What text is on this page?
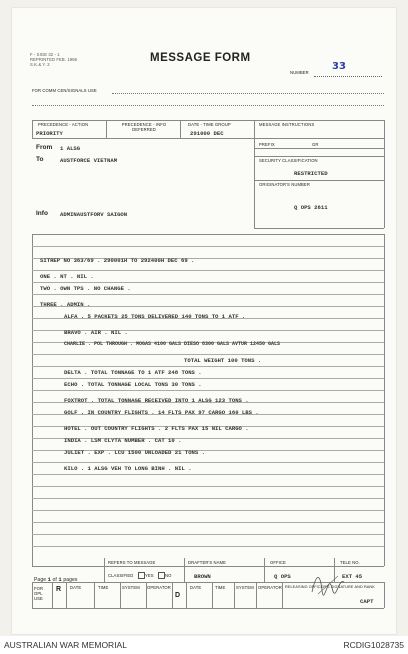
F - SIGE 32 - 1
REPRINTED FEB. 1966
S.K.& Y. 2
MESSAGE FORM
NUMBER
33
FOR COMM CEN/SIGNALS USE
PRECEDENCE - ACTION	PRECEDENCE - INFO DEFERRED
DATE - TIME GROUP	MESSAGE INSTRUCTIONS
PRIORITY	291000 DEC
PREFIX	GR
SECURITY CLASSIFICATION
RESTRICTED
ORIGINATOR'S NUMBER
Q OPS 2611
From 1 ALSG
To	AUSTFORCE VIETNAM
Info ADMINAUSTFORV SAIGON
SITREP NO 363/69 . 290001H TO 292400H DEC 69 .
ONE . NT . NIL .
TWO . OWN TPS . NO CHANGE .
THREE . ADMIN .
ALFA . 5 PACKETS 25 TONS DELIVERED 140 TONS TO 1 ATF .
BRAVO . AIR . NIL .
CHARLIE . POL THROUGH . MOGAS 4100 GALS DIESO 8300 GALS AVTUR 12450 GALS
TOTAL WEIGHT 100 TONS .
DELTA . TOTAL TONNAGE TO 1 ATF 248 TONS .
ECHO . TOTAL TONNAGE LOCAL TONS 30 TONS .
FOXTROT . TOTAL TONNAGE RECEIVED INTO 1 ALSG 123 TONS .
GOLF . IN COUNTRY FLIGHTS . 14 FLTS PAX 97 CARGO 160 LBS .
HOTEL . OUT COUNTRY FLIGHTS . 2 FLTS PAX 15 NIL CARGO .
INDIA . LSM CLYTA NUMBER . CAT 10 .
JULIET . EXP . LCU 1500 UNLOADED 21 TONS .
KILO . 1 ALSG VEH TO LONG BINH . NIL .
REFERS TO MESSAGE
CLASSIFIED	YES	NO
DRAFTER'S NAME
BROWN
OFFICE
Q OPS
TELE NO.
EXT 45
Page 1 of 1 pages
FOR OPL USE
R DATE	TIME	SYSTEM OPERATOR
D
DATE	TIME	SYSTEM OPERATOR RELEASING OFFICER'S SIGNATURE AND RANK
CAPT
AUSTRALIAN WAR MEMORIAL	RCDIG1028735
